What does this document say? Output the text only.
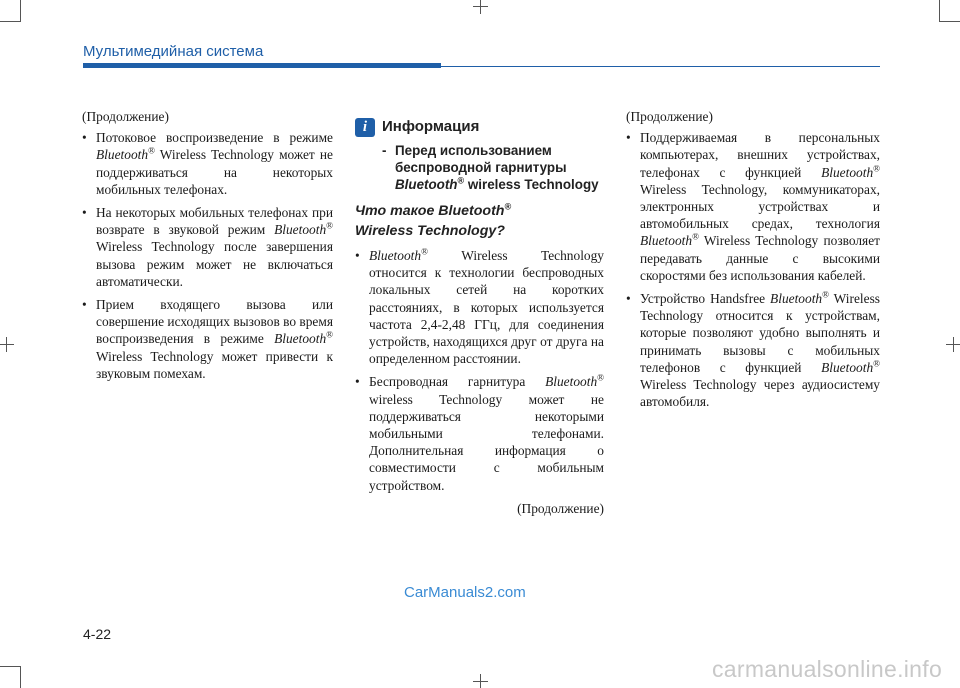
Мультимедийная система

(Продолжение)

• Потоковое воспроизведение в режиме Bluetooth® Wireless Technology может не поддерживаться на некоторых мобильных телефонах.

• На некоторых мобильных телефонах при возврате в звуковой режим Bluetooth® Wireless Technology после завершения вызова режим может не включаться автоматически.

• Прием входящего вызова или совершение исходящих вызовов во время воспроизведения в режиме Bluetooth® Wireless Technology может привести к звуковым помехам.

i Информация
- Перед использованием беспроводной гарнитуры Bluetooth® wireless Technology
Что такое Bluetooth®
Wireless Technology?

• Bluetooth® Wireless Technology относится к технологии беспроводных локальных сетей на коротких расстояниях, в которых используется частота 2,4-2,48 ГГц, для соединения устройств, находящихся друг от друга на определенном расстоянии.

• Беспроводная гарнитура Bluetooth® wireless Technology может не поддерживаться некоторыми мобильными телефонами. Дополнительная информация о совместимости с мобильным устройством.

(Продолжение)

(Продолжение)

• Поддерживаемая в персональных компьютерах, внешних устройствах, телефонах с функцией Bluetooth® Wireless Technology, коммуникаторах, электронных устройствах и автомобильных средах, технология Bluetooth® Wireless Technology позволяет передавать данные с высокими скоростями без использования кабелей.

• Устройство Handsfree Bluetooth® Wireless Technology относится к устройствам, которые позволяют удобно выполнять и принимать вызовы с мобильных телефонов с функцией Bluetooth® Wireless Technology через аудиосистему автомобиля.

CarManuals2.com
4-22
carmanualsonline.info
